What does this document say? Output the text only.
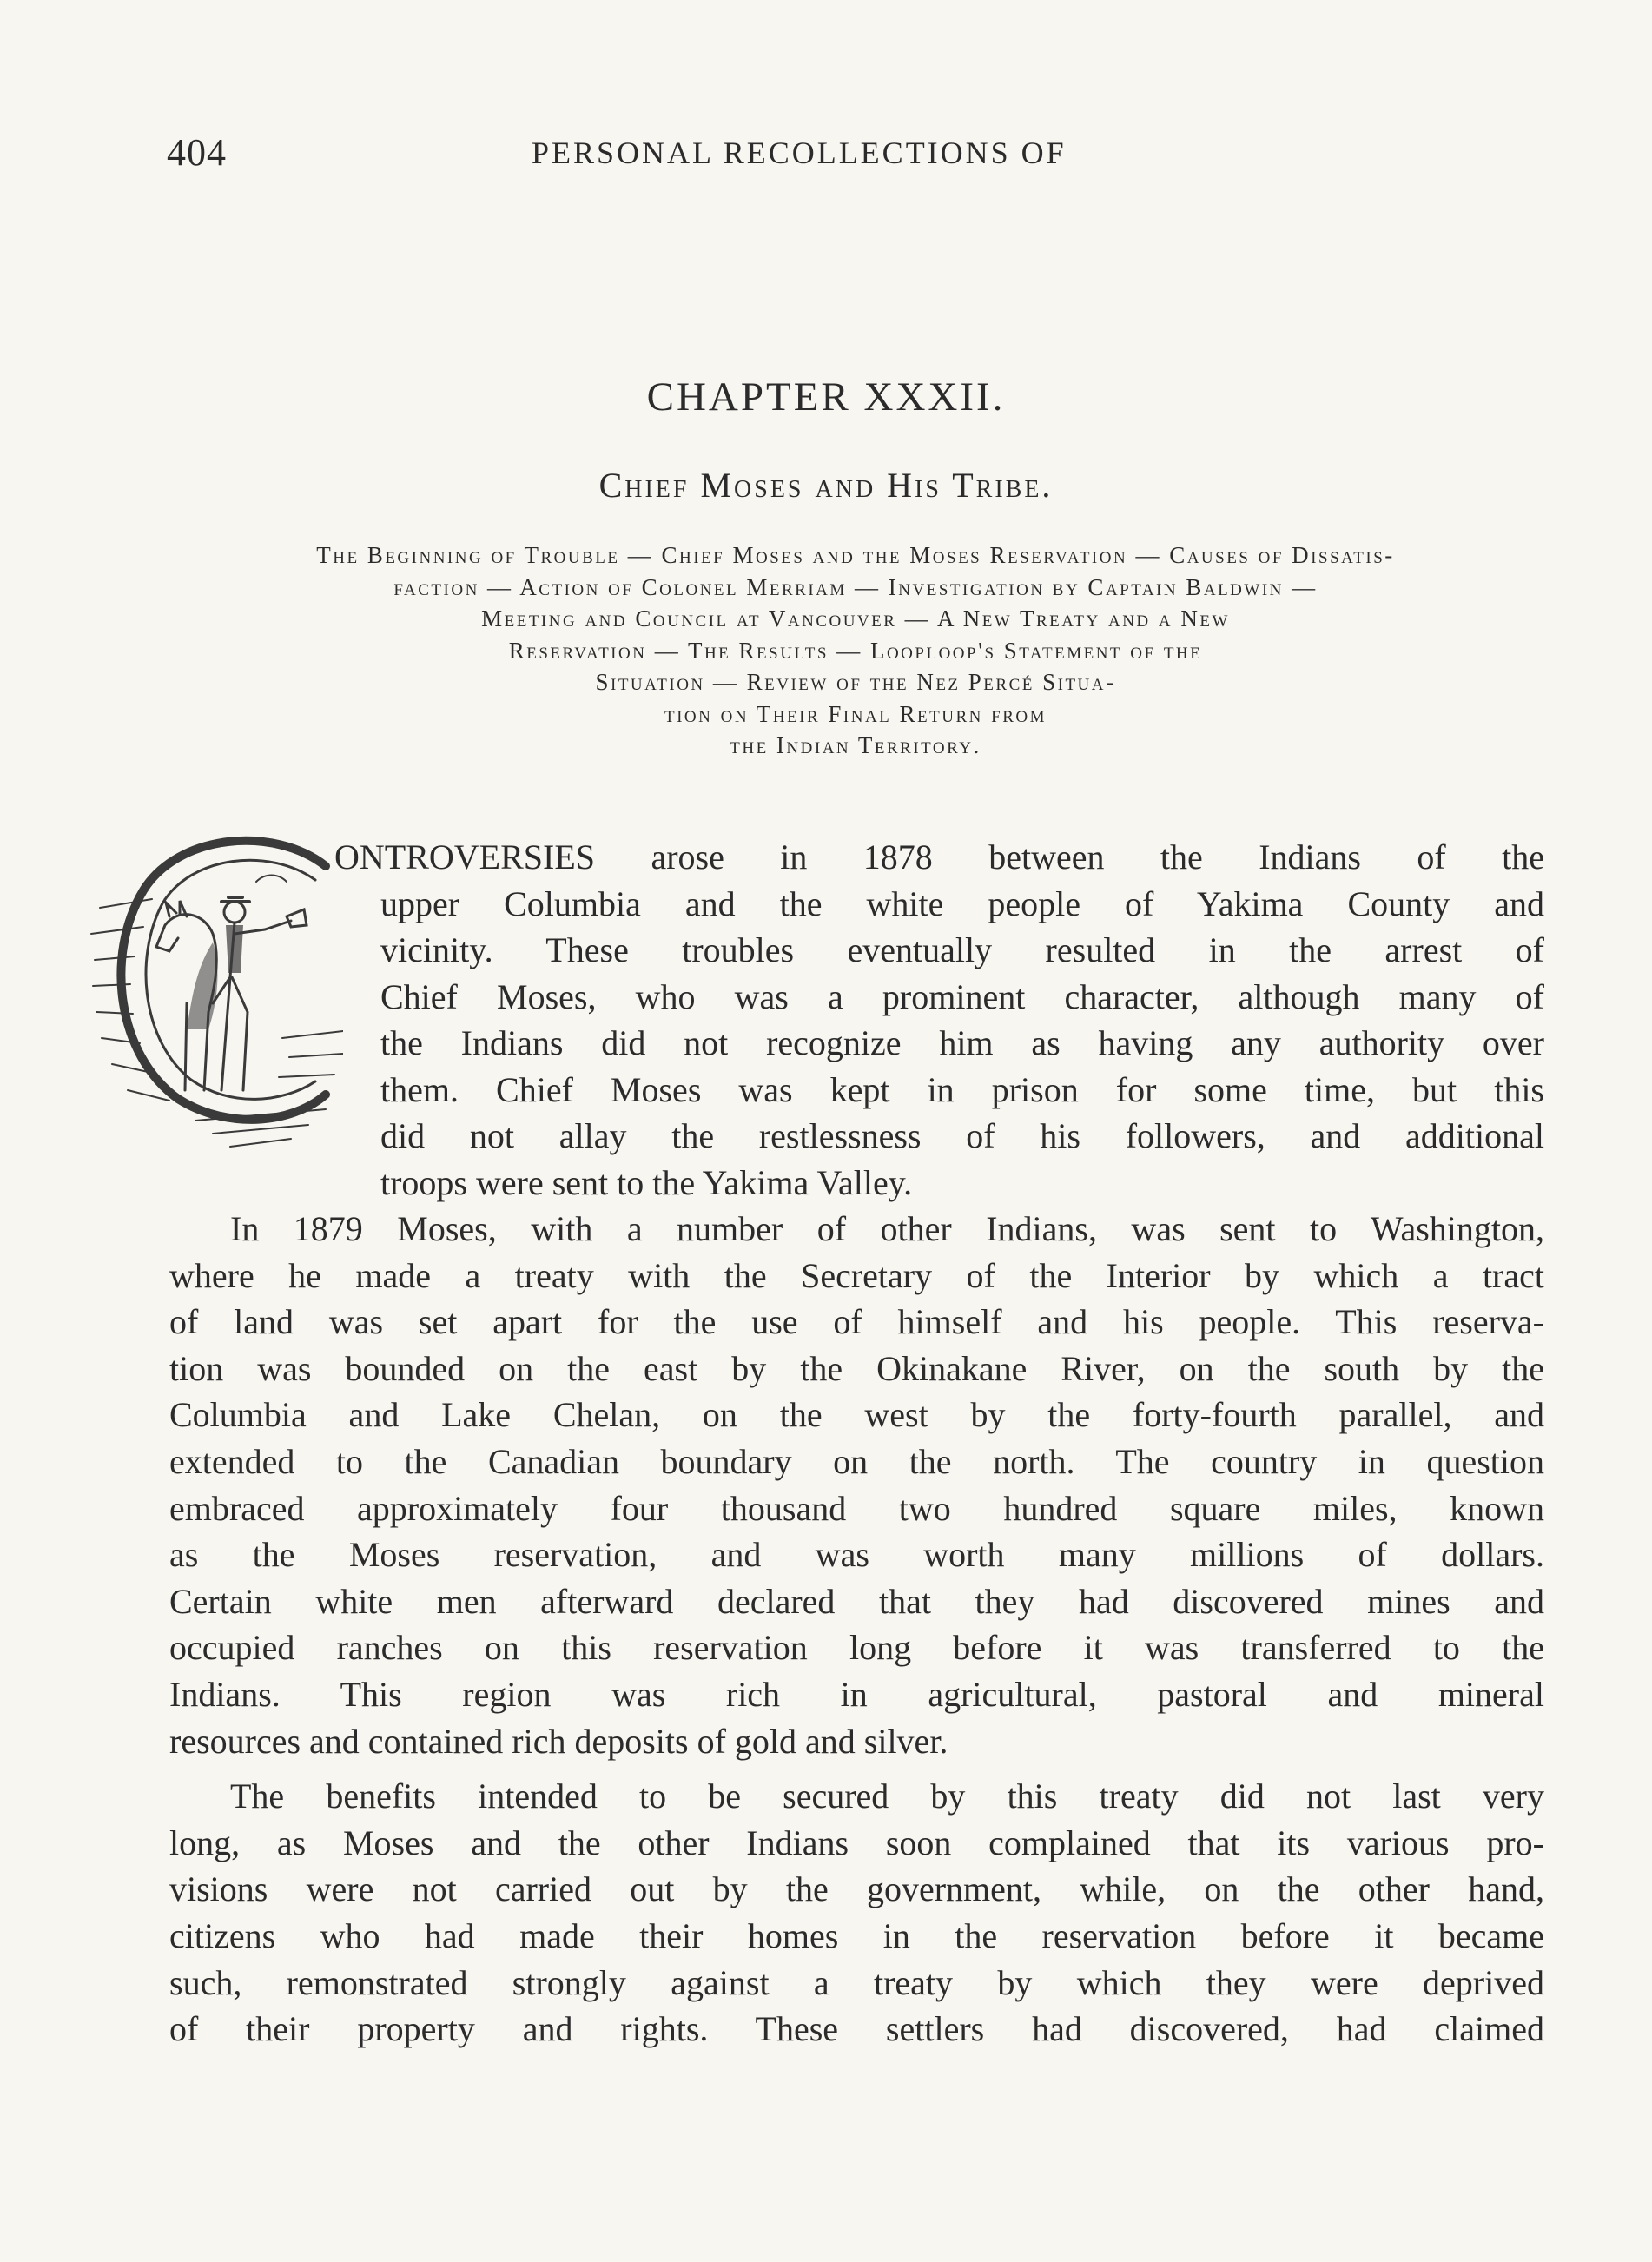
404	PERSONAL RECOLLECTIONS OF
CHAPTER XXXII.
Chief Moses and His Tribe.
The Beginning of Trouble — Chief Moses and the Moses Reservation — Causes of Dissatis-
faction — Action of Colonel Merriam — Investigation by Captain Baldwin —
Meeting and Council at Vancouver — A New Treaty and a New
Reservation — The Results — Looploop's Statement of the
Situation — Review of the Nez Percé Situa-
tion on Their Final Return from
the Indian Territory.
ONTROVERSIES arose in 1878 between the Indians of the
upper Columbia and the white people of Yakima County and
vicinity. These troubles eventually resulted in the arrest of
Chief Moses, who was a prominent character, although many of
the Indians did not recognize him as having any authority over
them. Chief Moses was kept in prison for some time, but this
did not allay the restlessness of his followers, and additional
troops were sent to the Yakima Valley.
In 1879 Moses, with a number of other Indians, was sent to Washington,
where he made a treaty with the Secretary of the Interior by which a tract
of land was set apart for the use of himself and his people. This reserva-
tion was bounded on the east by the Okinakane River, on the south by the
Columbia and Lake Chelan, on the west by the forty-fourth parallel, and
extended to the Canadian boundary on the north. The country in question
embraced approximately four thousand two hundred square miles, known
as the Moses reservation, and was worth many millions of dollars.
Certain white men afterward declared that they had discovered mines and
occupied ranches on this reservation long before it was transferred to the
Indians. This region was rich in agricultural, pastoral and mineral
resources and contained rich deposits of gold and silver.
The benefits intended to be secured by this treaty did not last very
long, as Moses and the other Indians soon complained that its various pro-
visions were not carried out by the government, while, on the other hand,
citizens who had made their homes in the reservation before it became
such, remonstrated strongly against a treaty by which they were deprived
of their property and rights. These settlers had discovered, had claimed
